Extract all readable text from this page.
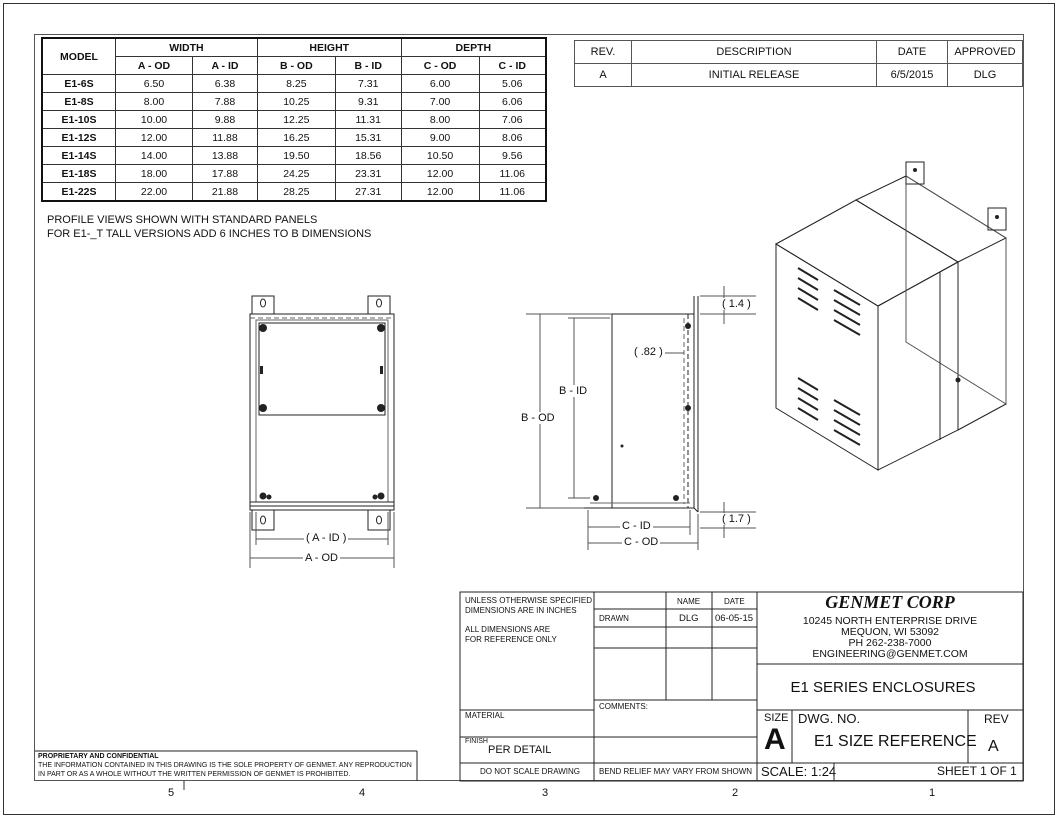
MODEL	WIDTH		HEIGHT		DEPTH	
	A - OD	A - ID	B - OD	B - ID	C - OD	C - ID
E1-6S	6.50	6.38	8.25	7.31	6.00	5.06
E1-8S	8.00	7.88	10.25	9.31	7.00	6.06
E1-10S	10.00	9.88	12.25	11.31	8.00	7.06
E1-12S	12.00	11.88	16.25	15.31	9.00	8.06
E1-14S	14.00	13.88	19.50	18.56	10.50	9.56
E1-18S	18.00	17.88	24.25	23.31	12.00	11.06
E1-22S	22.00	21.88	28.25	27.31	12.00	11.06
REV.	DESCRIPTION	DATE	APPROVED
A	INITIAL RELEASE	6/5/2015	DLG
PROFILE VIEWS SHOWN WITH STANDARD PANELS
FOR E1-_T TALL VERSIONS ADD 6 INCHES TO B DIMENSIONS
( A - ID )
A - OD
B - OD
B - ID
C - ID
C - OD
( 1.4 )
( 1.7 )
( .82 )
UNLESS OTHERWISE SPECIFIED
DIMENSIONS ARE IN INCHES
ALL DIMENSIONS ARE
FOR REFERENCE ONLY
NAME	DATE
DRAWN	DLG 06-05-15
COMMENTS:
MATERIAL
FINISH
PER DETAIL
DO NOT SCALE DRAWING BEND RELIEF MAY VARY FROM SHOWN
GENMET CORP
10245 NORTH ENTERPRISE DRIVE
MEQUON, WI 53092
PH 262-238-7000
ENGINEERING@GENMET.COM
E1 SERIES ENCLOSURES
SIZE
A
DWG. NO.
E1 SIZE REFERENCE
REV
A
SCALE: 1:24	SHEET 1 OF 1
PROPRIETARY AND CONFIDENTIAL
THE INFORMATION CONTAINED IN THIS DRAWING IS THE SOLE PROPERTY OF GENMET. ANY REPRODUCTION
IN PART OR AS A WHOLE WITHOUT THE WRITTEN PERMISSION OF GENMET IS PROHIBITED.
5	4	3	2	1
